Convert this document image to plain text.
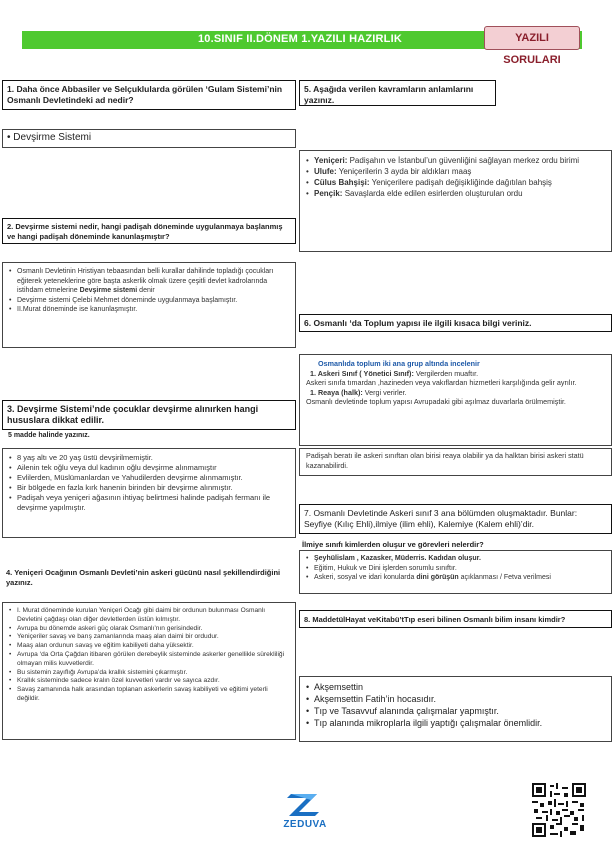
10.SINIF II.DÖNEM 1.YAZILI HAZIRLIK	YAZILI SORULARI
1. Daha önce Abbasiler ve Selçuklularda görülen ‘Gulam Sistemi’nin Osmanlı Devletindeki ad nedir?
• Devşirme Sistemi
2. Devşirme sistemi nedir, hangi padişah döneminde uygulanmaya başlanmış ve hangi padişah döneminde kanunlaşmıştır?
• Osmanlı Devletinin Hristiyan tebaasından belli kurallar dahilinde topladığı çocukları eğiterek yeteneklerine göre başta askerlik olmak üzere çeşitli devlet kadrolarında istihdam etmelerine Devşirme sistemi denir
• Devşirme sistemi Çelebi Mehmet döneminde uygulanmaya başlamıştır.
• II.Murat döneminde ise kanunlaşmıştır.
3. Devşirme Sistemi’nde çocuklar devşirme alınırken hangi hususlara dikkat edilir.
5 madde halinde yazınız.
• 8 yaş altı ve 20 yaş üstü devşirilmemiştir.
• Ailenin tek oğlu veya dul kadının oğlu devşirme alınmamıştır
• Evlilerden, Müslümanlardan ve Yahudilerden devşirme alınmamıştır.
• Bir bölgede en fazla kırk hanenin birinden bir devşirme alınmıştır.
• Padişah veya yeniçeri ağasının ihtiyaç belirtmesi halinde padişah fermanı ile devşirme yapılmıştır.
4. Yeniçeri Ocağının Osmanlı Devleti’nin askeri gücünü nasıl şekillendirdiğini yazınız.
• I. Murat döneminde kurulan Yeniçeri Ocağı gibi daimi bir ordunun bulunması Osmanlı Devletini çağdaşı olan diğer devletlerden üstün kılmıştır.
• Avrupa bu dönemde askeri güç olarak Osmanlı’nın gerisindedir.
• Yeniçeriler savaş ve barış zamanlarında maaş alan daimi bir ordudur.
• Maaş alan ordunun savaş ve eğitim kabiliyeti daha yüksektir.
• Avrupa ‘da Orta Çağdan itibaren görülen derebeylik sisteminde askerler genellikle sürekliliği olmayan milis kuvvetlerdir.
• Bu sistemin zayıflığı Avrupa’da krallık sistemini çıkarmıştır.
• Krallık sisteminde sadece kralın özel kuvvetleri vardır ve sayıca azdır.
• Savaş zamanında halk arasından toplanan askerlerin savaş kabiliyeti ve eğitimi yeterli değildir.
5. Aşağıda verilen kavramların anlamlarını yazınız.
• Yeniçeri: Padişahın ve İstanbul’un güvenliğini sağlayan merkez ordu birimi
• Ulufe: Yeniçerilerin 3 ayda bir aldıkları maaş
• Cülus Bahşişi: Yeniçerilere padişah değişikliğinde dağıtılan bahşiş
• Pençik: Savaşlarda elde edilen esirlerden oluşturulan ordu
6. Osmanlı ‘da Toplum yapısı ile ilgili kısaca bilgi veriniz.
Osmanlıda toplum iki ana grup altında incelenir
1. Askeri Sınıf ( Yönetici Sınıf): Vergilerden muaftır.
Askeri sınıfa tımardan ,hazineden veya vakıflardan hizmetleri karşılığında gelir ayrılır.
1. Reaya (halk): Vergi verirler.
Osmanlı devletinde toplum yapısı Avrupadaki gibi aşılmaz duvarlarla örülmemiştir.
Padişah beratı ile askeri sınıftan olan birisi reaya olabilir ya da halktan birisi askeri statü kazanabilirdi.
7. Osmanlı Devletinde Askeri sınıf 3 ana bölümden oluşmaktadır. Bunlar: Seyfiye (Kılıç Ehli),ilmiye (ilim ehli), Kalemiye (Kalem ehli)’dir.
İlmiye sınıfı kimlerden oluşur ve görevleri nelerdir?
• Şeyhülislam , Kazasker, Müderris. Kadıdan oluşur.
• Eğitim, Hukuk ve Dini işlerden sorumlu sınıftır.
• Askeri, sosyal ve idari konularda dini görüşün açıklanması / Fetva verilmesi
8. MaddetülHayat veKitabü’tTıp eseri bilinen Osmanlı bilim insanı kimdir?
• Akşemsettin
• Akşemsettin Fatih’in hocasıdır.
• Tıp ve Tasavvuf alanında çalışmalar yapmıştır.
• Tıp alanında mikroplarla ilgili yaptığı çalışmalar önemlidir.
ZEDUVA
